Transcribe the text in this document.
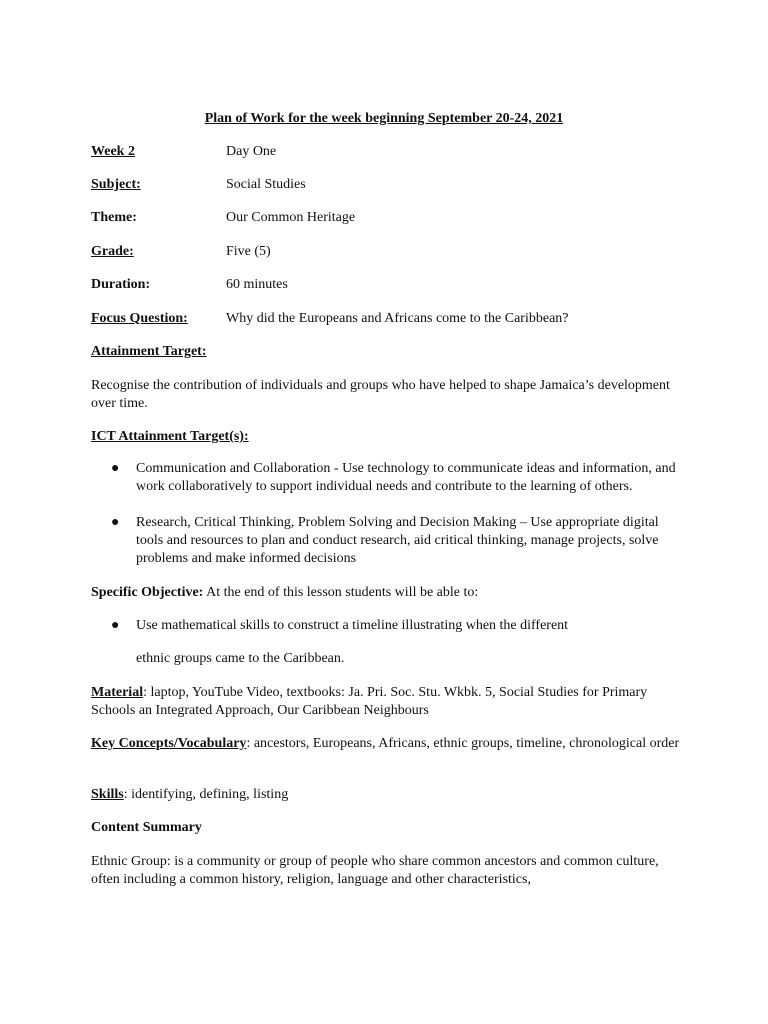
Plan of Work for the week beginning September 20-24, 2021
Week 2	Day One
Subject:	Social Studies
Theme:	Our Common Heritage
Grade:	Five (5)
Duration:	60 minutes
Focus Question:	Why did the Europeans and Africans come to the Caribbean?
Attainment Target:
Recognise the contribution of individuals and groups who have helped to shape Jamaica’s development over time.
ICT Attainment Target(s):
● Communication and Collaboration - Use technology to communicate ideas and information, and work collaboratively to support individual needs and contribute to the learning of others.
● Research, Critical Thinking, Problem Solving and Decision Making – Use appropriate digital tools and resources to plan and conduct research, aid critical thinking, manage projects, solve problems and make informed decisions
Specific Objective: At the end of this lesson students will be able to:
● Use mathematical skills to construct a timeline illustrating when the different
ethnic groups came to the Caribbean.
Material: laptop, YouTube Video, textbooks: Ja. Pri. Soc. Stu. Wkbk. 5, Social Studies for Primary Schools an Integrated Approach, Our Caribbean Neighbours
Key Concepts/Vocabulary: ancestors, Europeans, Africans, ethnic groups, timeline, chronological order
Skills: identifying, defining, listing
Content Summary
Ethnic Group: is a community or group of people who share common ancestors and common culture, often including a common history, religion, language and other characteristics,
